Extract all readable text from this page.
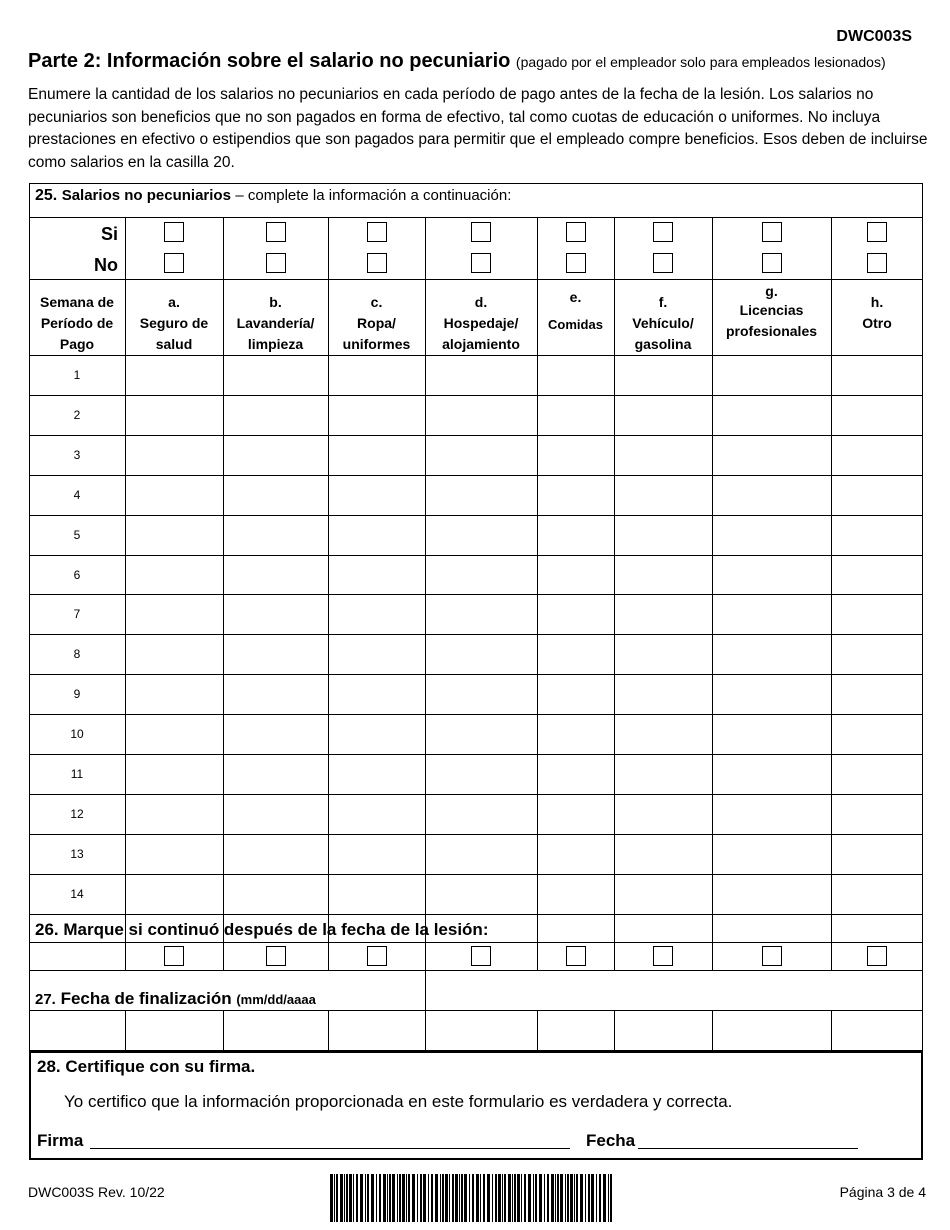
DWC003S
Parte 2: Información sobre el salario no pecuniario (pagado por el empleador solo para empleados lesionados)
Enumere la cantidad de los salarios no pecuniarios en cada período de pago antes de la fecha de la lesión. Los salarios no pecuniarios son beneficios que no son pagados en forma de efectivo, tal como cuotas de educación o uniformes. No incluya prestaciones en efectivo o estipendios que son pagados para permitir que el empleado compre beneficios. Esos deben de incluirse como salarios en la casilla 20.
25. Salarios no pecuniarios – complete la información a continuación:
Si
No
Semana de
Período de
Pago
a.
Seguro de
salud
b.
Lavandería/
limpieza
c.
Ropa/
uniformes
d.
Hospedaje/
alojamiento
e.
Comidas
f.
Vehículo/
gasolina
g.
Licencias
profesionales
h.
Otro
1
2
3
4
5
6
7
8
9
10
11
12
13
14
26. Marque si continuó después de la fecha de la lesión:
27. Fecha de finalización (mm/dd/aaaa
28. Certifique con su firma.
Yo certifico que la información proporcionada en este formulario es verdadera y correcta.
Firma	Fecha
DWC003S Rev. 10/22	Página 3 de 4
